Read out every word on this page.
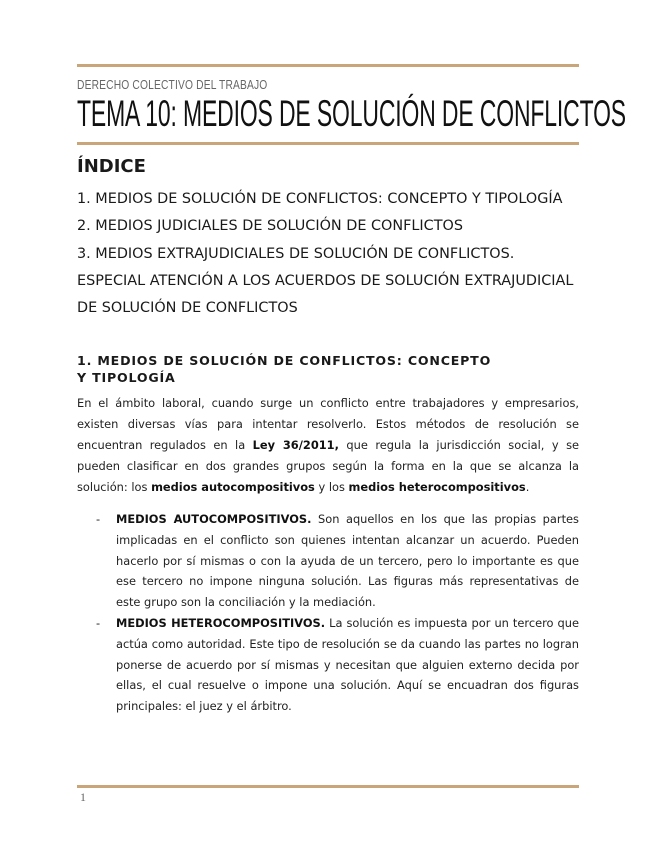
DERECHO COLECTIVO DEL TRABAJO
TEMA 10: MEDIOS DE SOLUCIÓN DE CONFLICTOS
ÍNDICE
1. MEDIOS DE SOLUCIÓN DE CONFLICTOS: CONCEPTO Y TIPOLOGÍA
2. MEDIOS JUDICIALES DE SOLUCIÓN DE CONFLICTOS
3. MEDIOS EXTRAJUDICIALES DE SOLUCIÓN DE CONFLICTOS. ESPECIAL ATENCIÓN A LOS ACUERDOS DE SOLUCIÓN EXTRAJUDICIAL DE SOLUCIÓN DE CONFLICTOS
1. MEDIOS DE SOLUCIÓN DE CONFLICTOS: CONCEPTO Y TIPOLOGÍA
En el ámbito laboral, cuando surge un conflicto entre trabajadores y empresarios, existen diversas vías para intentar resolverlo. Estos métodos de resolución se encuentran regulados en la Ley 36/2011, que regula la jurisdicción social, y se pueden clasificar en dos grandes grupos según la forma en la que se alcanza la solución: los medios autocompositivos y los medios heterocompositivos.
- MEDIOS AUTOCOMPOSITIVOS. Son aquellos en los que las propias partes implicadas en el conflicto son quienes intentan alcanzar un acuerdo. Pueden hacerlo por sí mismas o con la ayuda de un tercero, pero lo importante es que ese tercero no impone ninguna solución. Las figuras más representativas de este grupo son la conciliación y la mediación.
- MEDIOS HETEROCOMPOSITIVOS. La solución es impuesta por un tercero que actúa como autoridad. Este tipo de resolución se da cuando las partes no logran ponerse de acuerdo por sí mismas y necesitan que alguien externo decida por ellas, el cual resuelve o impone una solución. Aquí se encuadran dos figuras principales: el juez y el árbitro.
1
